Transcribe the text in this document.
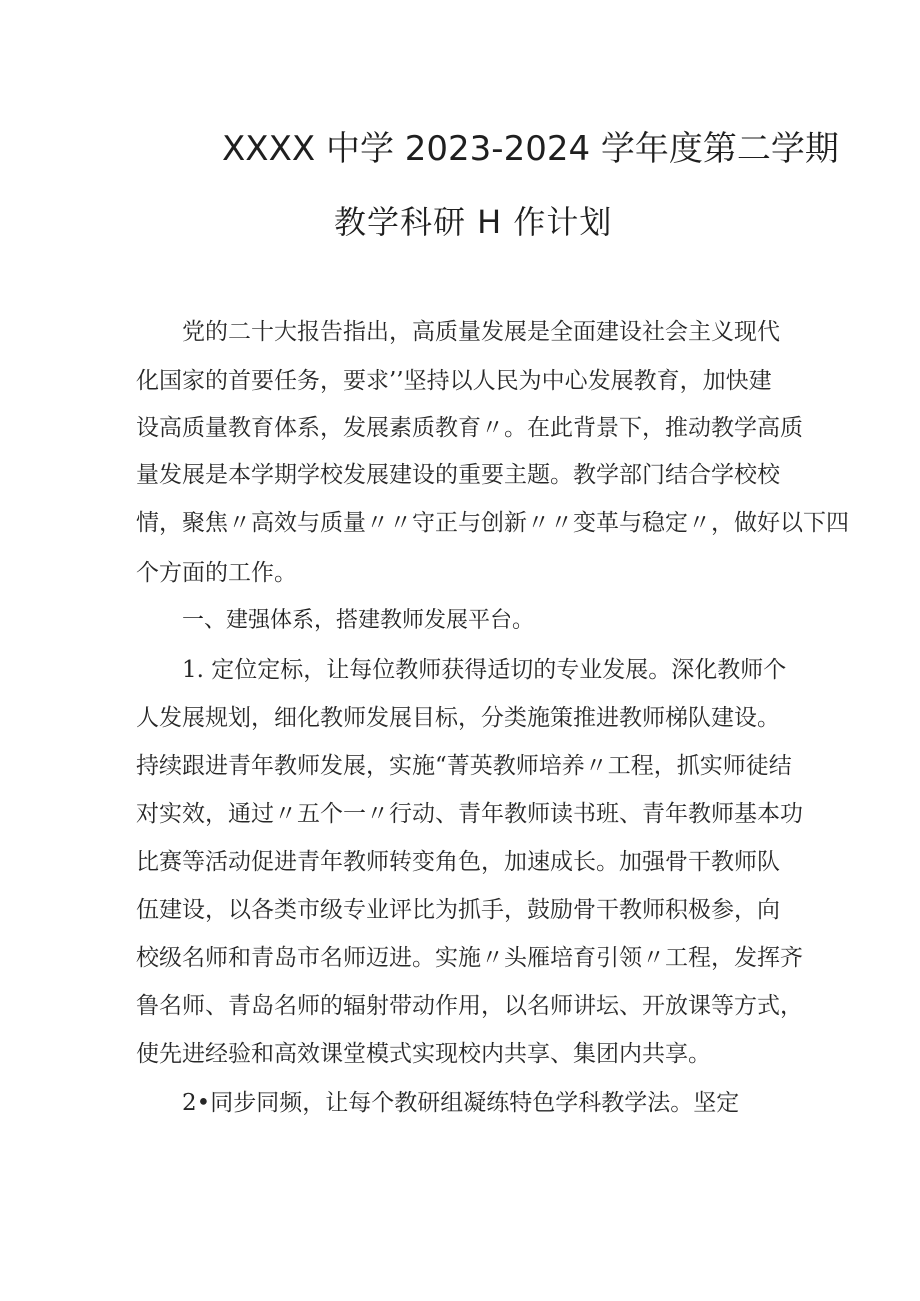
XXXX 中学 2023-2024 学年度第二学期
教学科研 H 作计划
党的二十大报告指出，高质量发展是全面建设社会主义现代
化国家的首要任务，要求’’坚持以人民为中心发展教育，加快建
设高质量教育体系，发展素质教育〃。在此背景下，推动教学高质
量发展是本学期学校发展建设的重要主题。教学部门结合学校校
情，聚焦〃高效与质量〃〃守正与创新〃〃变革与稳定〃，做好以下四
个方面的工作。
一、建强体系，搭建教师发展平台。
1. 定位定标，让每位教师获得适切的专业发展。深化教师个
人发展规划，细化教师发展目标，分类施策推进教师梯队建设。
持续跟进青年教师发展，实施“菁英教师培养〃工程，抓实师徒结
对实效，通过〃五个一〃行动、青年教师读书班、青年教师基本功
比赛等活动促进青年教师转变角色，加速成长。加强骨干教师队
伍建设，以各类市级专业评比为抓手，鼓励骨干教师积极参，向
校级名师和青岛市名师迈进。实施〃头雁培育引领〃工程，发挥齐
鲁名师、青岛名师的辐射带动作用，以名师讲坛、开放课等方式，
使先进经验和高效课堂模式实现校内共享、集团内共享。
2•同步同频，让每个教研组凝练特色学科教学法。坚定
